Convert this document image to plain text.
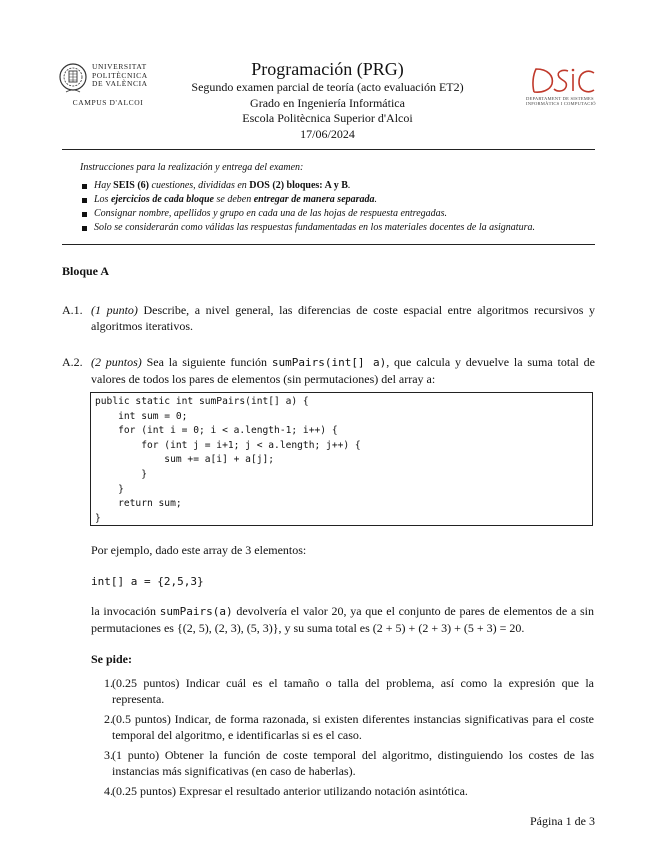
UNIVERSITAT
POLITÈCNICA
DE VALÈNCIA
CAMPUS D'ALCOI
Programación (PRG)
Segundo examen parcial de teoría (acto evaluación ET2)
Grado en Ingeniería Informática
Escola Politècnica Superior d'Alcoi
17/06/2024
DEPARTAMENT DE SISTEMES
INFORMÀTICS I COMPUTACIÓ
Instrucciones para la realización y entrega del examen:
Hay SEIS (6) cuestiones, divididas en DOS (2) bloques: A y B.
Los ejercicios de cada bloque se deben entregar de manera separada.
Consignar nombre, apellidos y grupo en cada una de las hojas de respuesta entregadas.
Solo se considerarán como válidas las respuestas fundamentadas en los materiales docentes de la asignatura.
Bloque A
A.1. (1 punto) Describe, a nivel general, las diferencias de coste espacial entre algoritmos recursivos y algoritmos iterativos.
A.2. (2 puntos) Sea la siguiente función sumPairs(int[] a), que calcula y devuelve la suma total de valores de todos los pares de elementos (sin permutaciones) del array a:
public static int sumPairs(int[] a) {
int sum = 0;
for (int i = 0; i < a.length-1; i++) {
for (int j = i+1; j < a.length; j++) {
sum += a[i] + a[j];
}
}
return sum;
}
Por ejemplo, dado este array de 3 elementos:
int[] a = {2,5,3}
la invocación sumPairs(a) devolvería el valor 20, ya que el conjunto de pares de elementos de a sin permutaciones es {(2, 5), (2, 3), (5, 3)}, y su suma total es (2 + 5) + (2 + 3) + (5 + 3) = 20.
Se pide:
1. (0.25 puntos) Indicar cuál es el tamaño o talla del problema, así como la expresión que la representa.
2. (0.5 puntos) Indicar, de forma razonada, si existen diferentes instancias significativas para el coste temporal del algoritmo, e identificarlas si es el caso.
3. (1 punto) Obtener la función de coste temporal del algoritmo, distinguiendo los costes de las instancias más significativas (en caso de haberlas).
4. (0.25 puntos) Expresar el resultado anterior utilizando notación asintótica.
Página 1 de 3
